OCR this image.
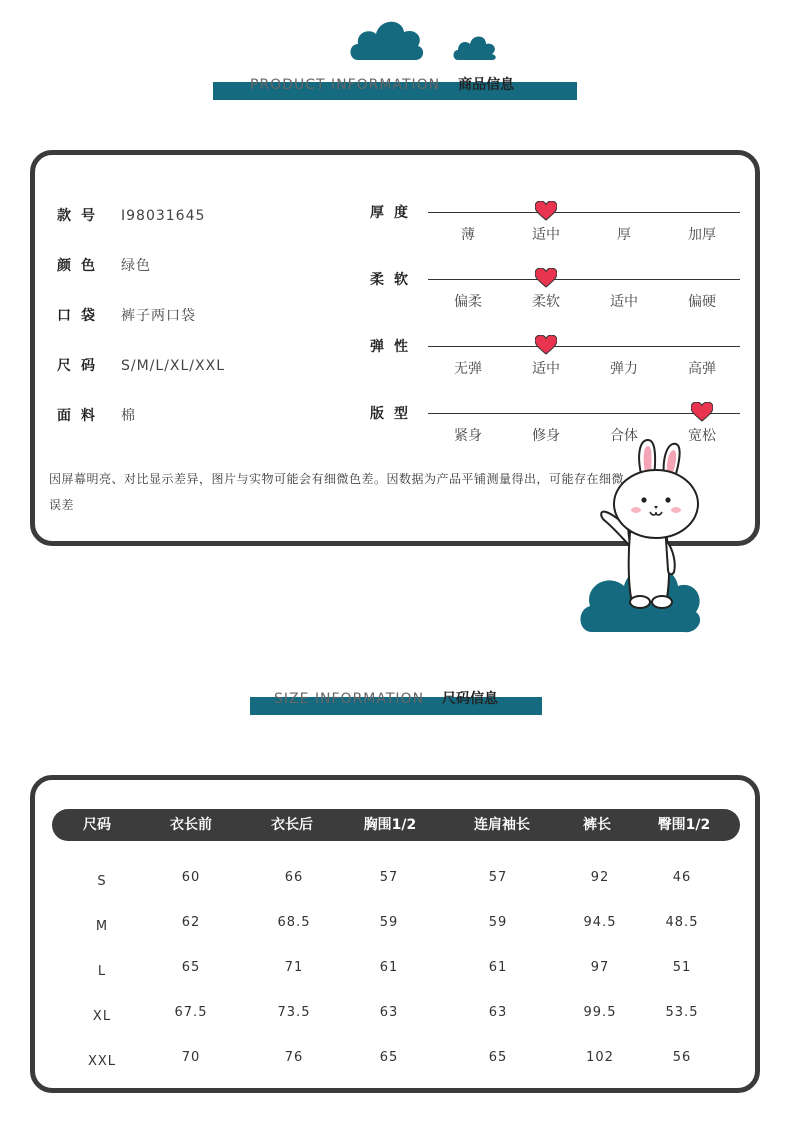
PRODUCT INFORMATION 商品信息
款号 I98031645
颜色 绿色
口袋 裤子两口袋
尺码 S/M/L/XL/XXL
面料 棉
厚度
薄	适中	厚	加厚
柔软
偏柔	柔软	适中	偏硬
弹性
无弹	适中	弹力	高弹
版型
紧身	修身	合体	宽松
因屏幕明亮、对比显示差异，图片与实物可能会有细微色差。因数据为产品平铺测量得出，可能存在细微误差
SIZE INFORMATION 尺码信息
尺码	衣长前	衣长后	胸围1/2	连肩袖长	裤长	臀围1/2
S	60	66	57	57	92	46
M	62	68.5	59	59	94.5	48.5
L	65	71	61	61	97	51
XL	67.5	73.5	63	63	99.5	53.5
XXL	70	76	65	65	102	56
